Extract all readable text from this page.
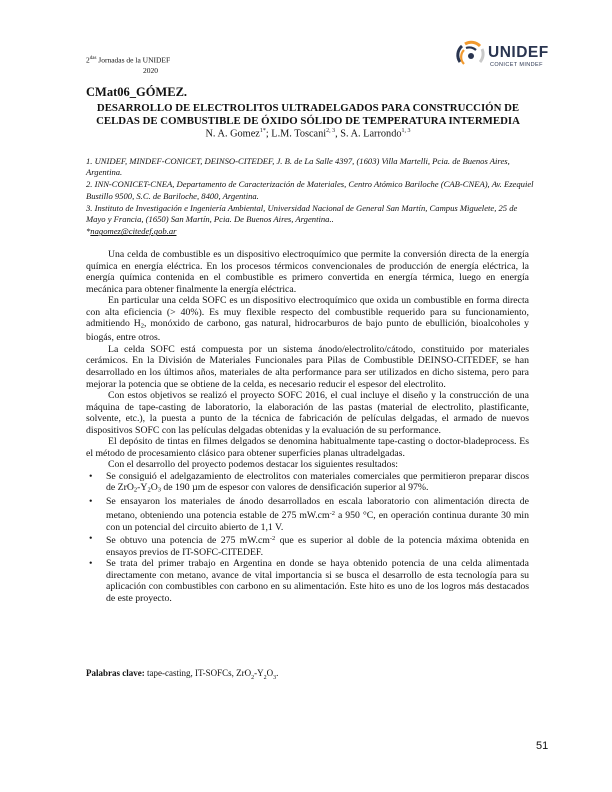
$2^{das}$ Jornadas de la UNIDEF
2020
UNIDEF
CONICET MINDEF
CMat06_GÓMEZ.
DESARROLLO DE ELECTROLITOS ULTRADELGADOS PARA CONSTRUCCIÓN DE
CELDAS DE COMBUSTIBLE DE ÓXIDO SÓLIDO DE TEMPERATURA INTERMEDIA
N. A. Gomez$^{1*}$; L.M. Toscani$^{2, 3}$, S. A. Larrondo$^{1, 3}$

1. UNIDEF, MINDEF-CONICET, DEINSO-CITEDEF, J. B. de La Salle 4397, (1603) Villa Martelli, Pcia. de Buenos Aires, Argentina.

2. INN-CONICET-CNEA, Departamento de Caracterización de Materiales, Centro Atómico Bariloche (CAB-CNEA), Av. Ezequiel Bustillo 9500, S.C. de Bariloche, 8400, Argentina.

3. Instituto de Investigación e Ingeniería Ambiental, Universidad Nacional de General San Martín, Campus Miguelete, 25 de Mayo y Francia, (1650) San Martín, Pcia. De Buenos Aires, Argentina..

*nagomez@citedef.gob.ar

Una celda de combustible es un dispositivo electroquímico que permite la conversión directa de la energía química en energía eléctrica. En los procesos térmicos convencionales de producción de energía eléctrica, la energía química contenida en el combustible es primero convertida en energía térmica, luego en energía mecánica para obtener finalmente la energía eléctrica.

En particular una celda SOFC es un dispositivo electroquímico que oxida un combustible en forma directa con alta eficiencia (> 40%). Es muy flexible respecto del combustible requerido para su funcionamiento, admitiendo $H_2$, monóxido de carbono, gas natural, hidrocarburos de bajo punto de ebullición, bioalcoholes y biogás, entre otros.

La celda SOFC está compuesta por un sistema ánodo/electrolito/cátodo, constituido por materiales cerámicos. En la División de Materiales Funcionales para Pilas de Combustible DEINSO-CITEDEF, se han desarrollado en los últimos años, materiales de alta performance para ser utilizados en dicho sistema, pero para mejorar la potencia que se obtiene de la celda, es necesario reducir el espesor del electrolito.

Con estos objetivos se realizó el proyecto SOFC 2016, el cual incluye el diseño y la construcción de una máquina de tape-casting de laboratorio, la elaboración de las pastas (material de electrolito, plastificante, solvente, etc.), la puesta a punto de la técnica de fabricación de películas delgadas, el armado de nuevos dispositivos SOFC con las películas delgadas obtenidas y la evaluación de su performance.

El depósito de tintas en filmes delgados se denomina habitualmente tape-casting o doctor-bladeprocess. Es el método de procesamiento clásico para obtener superficies planas ultradelgadas.

Con el desarrollo del proyecto podemos destacar los siguientes resultados:

• Se consiguió el adelgazamiento de electrolitos con materiales comerciales que permitieron preparar discos de $ZrO_2-Y_2O_3$ de 190 µm de espesor con valores de densificación superior al 97%.
• Se ensayaron los materiales de ánodo desarrollados en escala laboratorio con alimentación directa de metano, obteniendo una potencia estable de 275 $mW.cm^{-2}$ a 950 °C, en operación continua durante 30 min con un potencial del circuito abierto de 1,1 V.
• Se obtuvo una potencia de 275 $mW.cm^{-2}$ que es superior al doble de la potencia máxima obtenida en ensayos previos de IT-SOFC-CITEDEF.
• Se trata del primer trabajo en Argentina en donde se haya obtenido potencia de una celda alimentada directamente con metano, avance de vital importancia si se busca el desarrollo de esta tecnología para su aplicación con combustibles con carbono en su alimentación. Este hito es uno de los logros más destacados de este proyecto.
Palabras clave: tape-casting, IT-SOFCs, $ZrO_2-Y_2O_3$.
51
